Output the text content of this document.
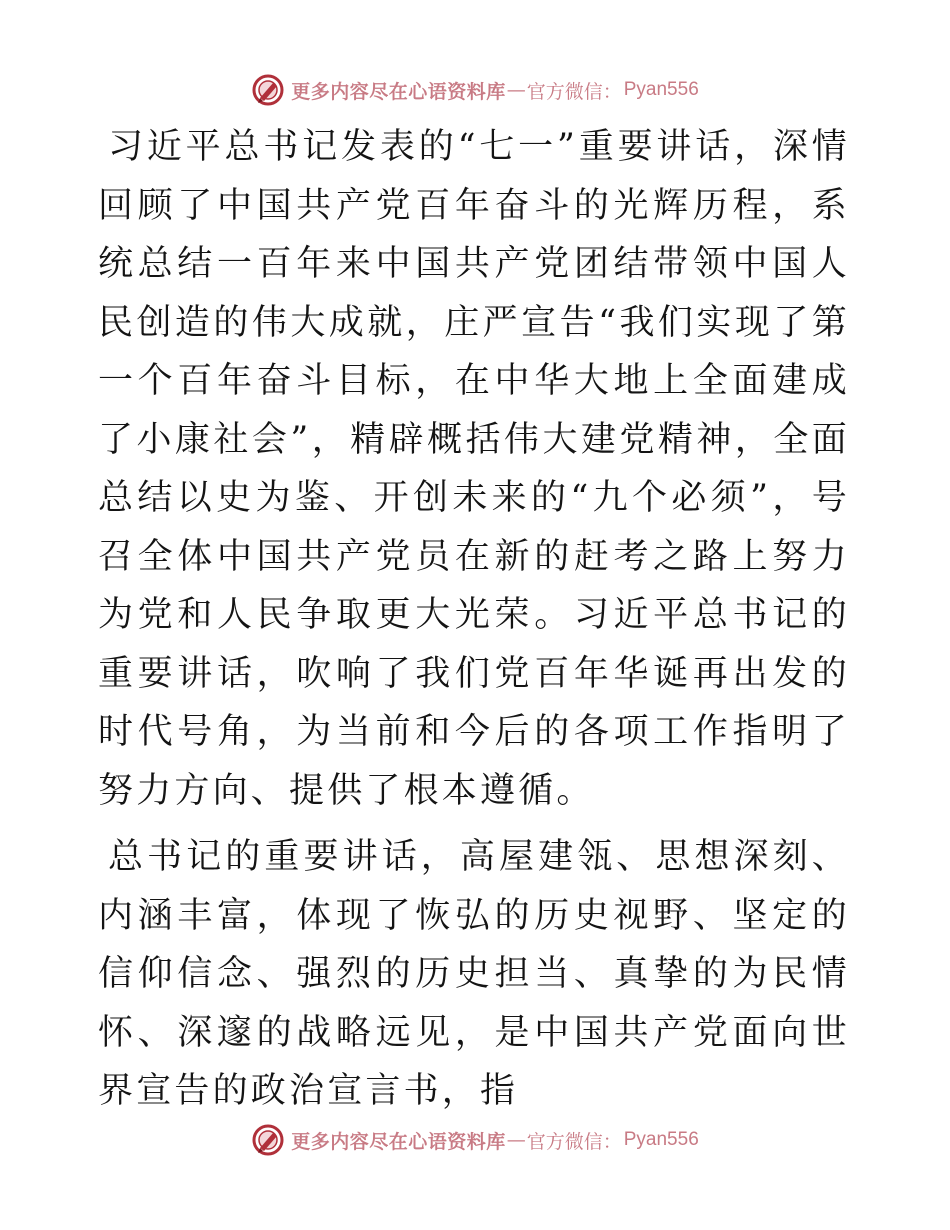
更多内容尽在心语资料库 — 官方微信： Pyan556

习近平总书记发表的“七一”重要讲话，深情回顾了中国共产党百年奋斗的光辉历程，系统总结一百年来中国共产党团结带领中国人民创造的伟大成就，庄严宣告“我们实现了第一个百年奋斗目标，在中华大地上全面建成了小康社会”，精辟概括伟大建党精神，全面总结以史为鉴、开创未来的“九个必须”，号召全体中国共产党员在新的赶考之路上努力为党和人民争取更大光荣。习近平总书记的重要讲话，吹响了我们党百年华诞再出发的时代号角，为当前和今后的各项工作指明了努力方向、提供了根本遵循。

总书记的重要讲话，高屋建瓴、思想深刻、内涵丰富，体现了恢弘的历史视野、坚定的信仰信念、强烈的历史担当、真挚的为民情怀、深邃的战略远见，是中国共产党面向世界宣告的政治宣言书，指

更多内容尽在心语资料库 — 官方微信： Pyan556
